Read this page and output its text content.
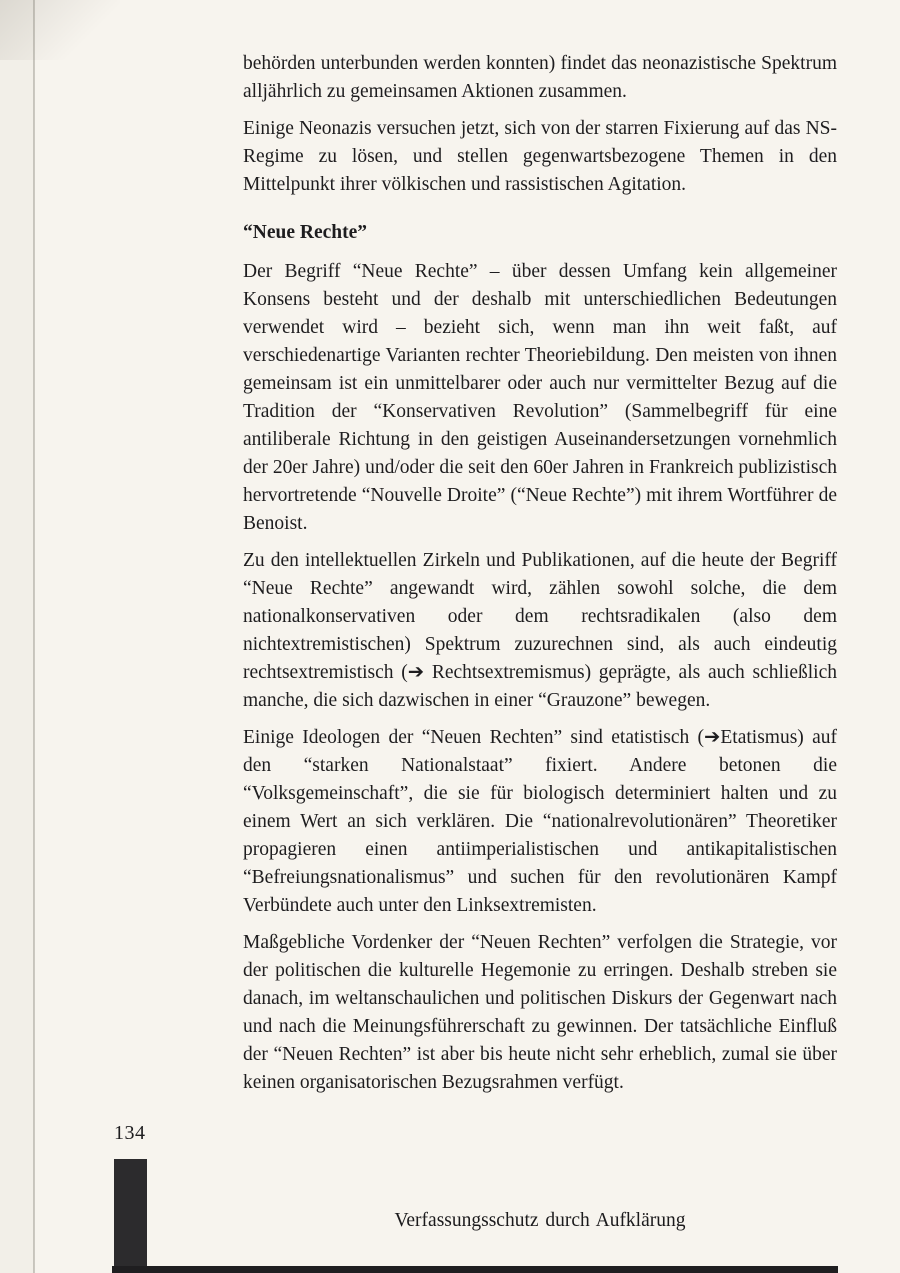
behörden unterbunden werden konnten) findet das neonazistische Spektrum alljährlich zu gemeinsamen Aktionen zusammen.

Einige Neonazis versuchen jetzt, sich von der starren Fixierung auf das NS-Regime zu lösen, und stellen gegenwartsbezogene Themen in den Mittelpunkt ihrer völkischen und rassistischen Agitation.

“Neue Rechte”

Der Begriff “Neue Rechte” – über dessen Umfang kein allgemeiner Konsens besteht und der deshalb mit unterschiedlichen Bedeutungen verwendet wird – bezieht sich, wenn man ihn weit faßt, auf verschiedenartige Varianten rechter Theoriebildung. Den meisten von ihnen gemeinsam ist ein unmittelbarer oder auch nur vermittelter Bezug auf die Tradition der “Konservativen Revolution” (Sammelbegriff für eine antiliberale Richtung in den geistigen Auseinandersetzungen vornehmlich der 20er Jahre) und/oder die seit den 60er Jahren in Frankreich publizistisch hervortretende “Nouvelle Droite” (“Neue Rechte”) mit ihrem Wortführer de Benoist.

Zu den intellektuellen Zirkeln und Publikationen, auf die heute der Begriff “Neue Rechte” angewandt wird, zählen sowohl solche, die dem nationalkonservativen oder dem rechtsradikalen (also dem nichtextremistischen) Spektrum zuzurechnen sind, als auch eindeutig rechtsextremistisch (➔ Rechtsextremismus) geprägte, als auch schließlich manche, die sich dazwischen in einer “Grauzone” bewegen.

Einige Ideologen der “Neuen Rechten” sind etatistisch (➔Etatismus) auf den “starken Nationalstaat” fixiert. Andere betonen die “Volksgemeinschaft”, die sie für biologisch determiniert halten und zu einem Wert an sich verklären. Die “nationalrevolutionären” Theoretiker propagieren einen antiimperialistischen und antikapitalistischen “Befreiungsnationalismus” und suchen für den revolutionären Kampf Verbündete auch unter den Linksextremisten.

Maßgebliche Vordenker der “Neuen Rechten” verfolgen die Strategie, vor der politischen die kulturelle Hegemonie zu erringen. Deshalb streben sie danach, im weltanschaulichen und politischen Diskurs der Gegenwart nach und nach die Meinungsführerschaft zu gewinnen. Der tatsächliche Einfluß der “Neuen Rechten” ist aber bis heute nicht sehr erheblich, zumal sie über keinen organisatorischen Bezugsrahmen verfügt.

134
Verfassungsschutz durch Aufklärung
